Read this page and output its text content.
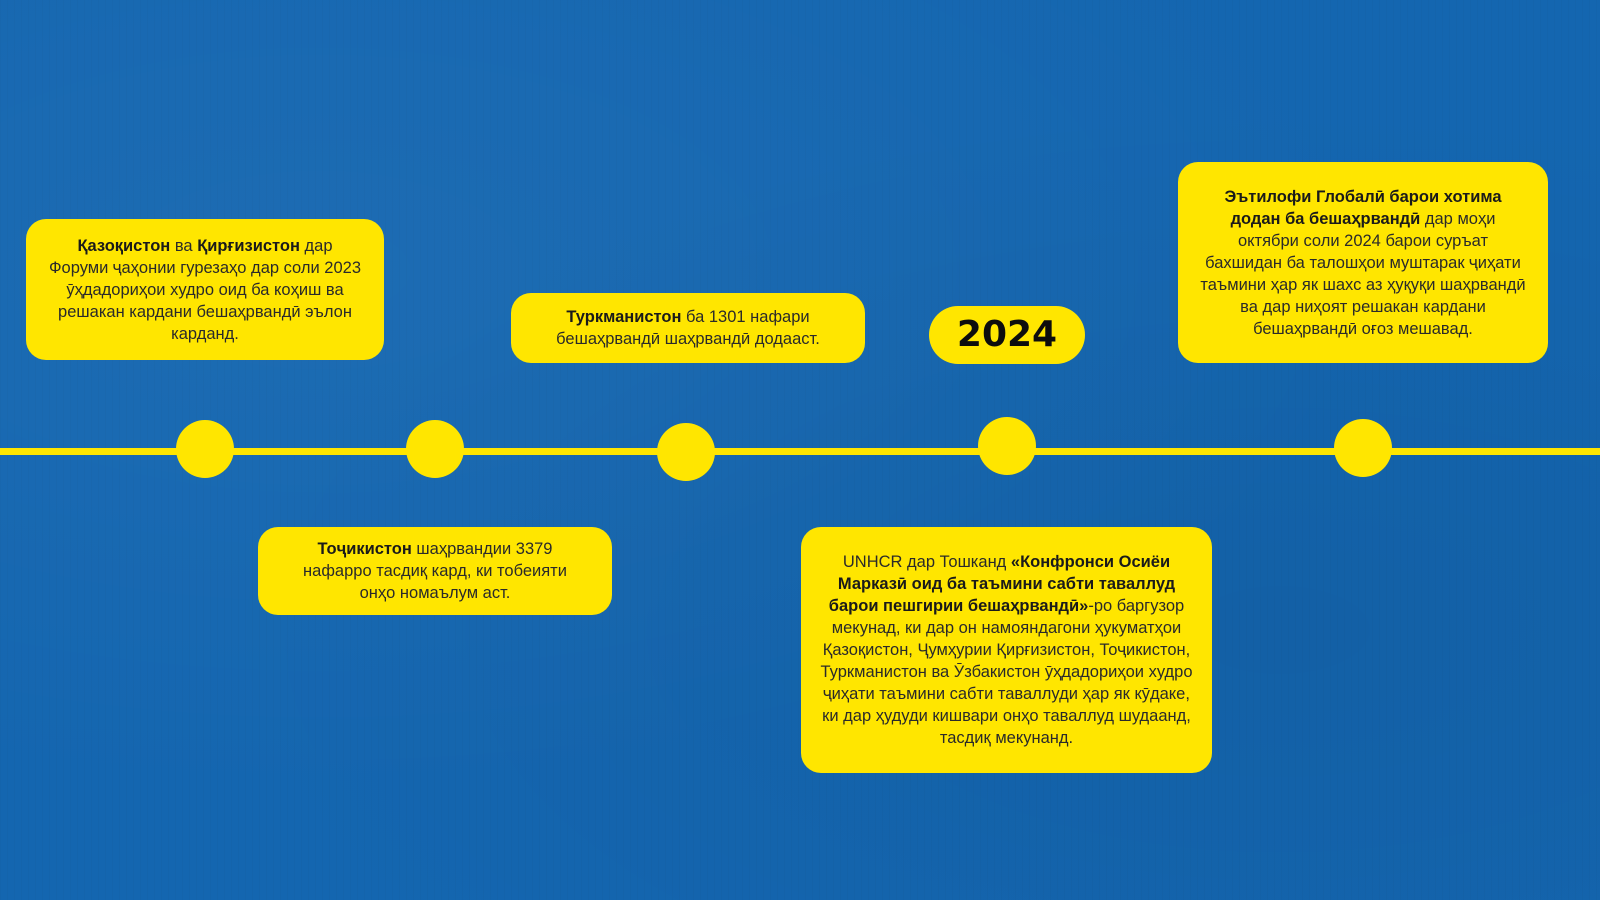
Қазоқистон ва Қирғизистон дар Форуми ҷаҳонии гурезаҳо дар соли 2023 ӯҳдадориҳои худро оид ба коҳиш ва решакан кардани бешаҳрвандӣ эълон карданд.

Тоҷикистон шаҳрвандии 3379 нафарро тасдиқ кард, ки тобеияти онҳо номаълум аст.

Туркманистон ба 1301 нафари бешаҳрвандӣ шаҳрвандӣ додааст.	2024

UNHCR дар Тошканд «Конфронси Осиёи Марказӣ оид ба таъмини сабти таваллуд барои пешгирии бешаҳрвандӣ»-ро баргузор мекунад, ки дар он намояндагони ҳукуматҳои Қазоқистон, Ҷумҳурии Қирғизистон, Тоҷикистон, Туркманистон ва Ӯзбакистон ӯҳдадориҳои худро ҷиҳати таъмини сабти таваллуди ҳар як кӯдаке, ки дар ҳудуди кишвари онҳо таваллуд шудаанд, тасдиқ мекунанд.

Эътилофи Глобалӣ барои хотима додан ба бешаҳрвандӣ дар моҳи октябри соли 2024 барои суръат бахшидан ба талошҳои муштарак ҷиҳати таъмини ҳар як шахс аз ҳуқуқи шаҳрвандӣ ва дар ниҳоят решакан кардани бешаҳрвандӣ оғоз мешавад.
